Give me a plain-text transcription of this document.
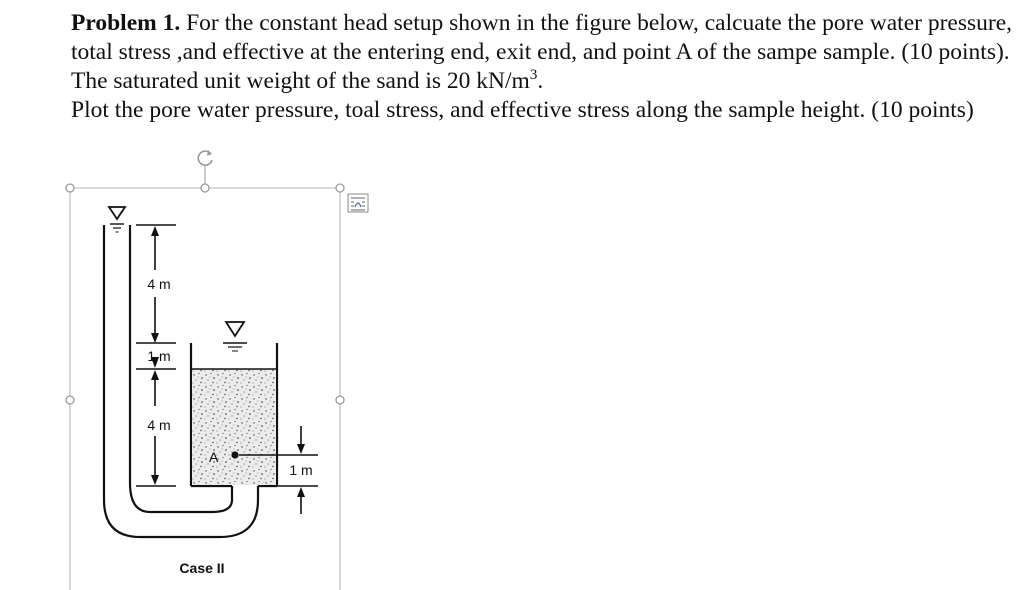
Problem 1. For the constant head setup shown in the figure below, calcuate the pore water pressure, total stress ,and effective at the entering end, exit end, and point A of the sampe sample. (10 points). The saturated unit weight of the sand is 20 $kN/m^3$.

Plot the pore water pressure, toal stress, and effective stress along the sample height. (10 points)

4 m
1 m
4 m
A
1 m
Case II
